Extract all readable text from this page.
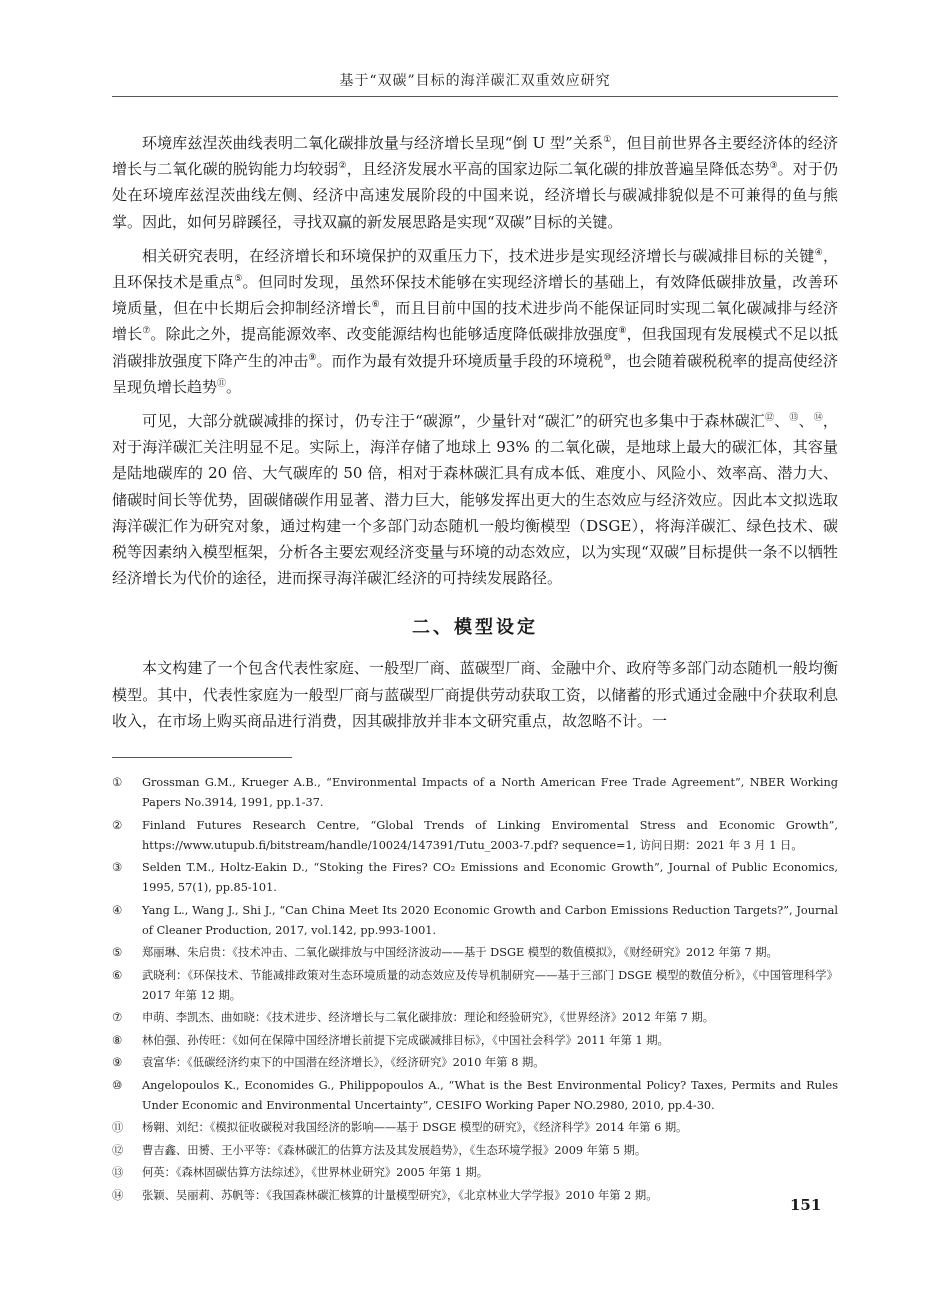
基于“双碳”目标的海洋碳汇双重效应研究

环境库兹涅茨曲线表明二氧化碳排放量与经济增长呈现“倒 U 型”关系①，但目前世界各主要经济体的经济增长与二氧化碳的脱钩能力均较弱②，且经济发展水平高的国家边际二氧化碳的排放普遍呈降低态势③。对于仍处在环境库兹涅茨曲线左侧、经济中高速发展阶段的中国来说，经济增长与碳减排貌似是不可兼得的鱼与熊掌。因此，如何另辟蹊径，寻找双赢的新发展思路是实现“双碳”目标的关键。

相关研究表明，在经济增长和环境保护的双重压力下，技术进步是实现经济增长与碳减排目标的关键④，且环保技术是重点⑤。但同时发现，虽然环保技术能够在实现经济增长的基础上，有效降低碳排放量，改善环境质量，但在中长期后会抑制经济增长⑥，而且目前中国的技术进步尚不能保证同时实现二氧化碳减排与经济增长⑦。除此之外，提高能源效率、改变能源结构也能够适度降低碳排放强度⑧，但我国现有发展模式不足以抵消碳排放强度下降产生的冲击⑨。而作为最有效提升环境质量手段的环境税⑩，也会随着碳税税率的提高使经济呈现负增长趋势⑪。

可见，大部分就碳减排的探讨，仍专注于“碳源”，少量针对“碳汇”的研究也多集中于森林碳汇⑫、⑬、⑭，对于海洋碳汇关注明显不足。实际上，海洋存储了地球上 93% 的二氧化碳，是地球上最大的碳汇体，其容量是陆地碳库的 20 倍、大气碳库的 50 倍，相对于森林碳汇具有成本低、难度小、风险小、效率高、潜力大、储碳时间长等优势，固碳储碳作用显著、潜力巨大，能够发挥出更大的生态效应与经济效应。因此本文拟选取海洋碳汇作为研究对象，通过构建一个多部门动态随机一般均衡模型（DSGE），将海洋碳汇、绿色技术、碳税等因素纳入模型框架，分析各主要宏观经济变量与环境的动态效应，以为实现“双碳”目标提供一条不以牺牲经济增长为代价的途径，进而探寻海洋碳汇经济的可持续发展路径。

二、模型设定

本文构建了一个包含代表性家庭、一般型厂商、蓝碳型厂商、金融中介、政府等多部门动态随机一般均衡模型。其中，代表性家庭为一般型厂商与蓝碳型厂商提供劳动获取工资，以储蓄的形式通过金融中介获取利息收入，在市场上购买商品进行消费，因其碳排放并非本文研究重点，故忽略不计。一

①	Grossman G.M., Krueger A.B., “Environmental Impacts of a North American Free Trade Agreement”, NBER Working Papers No.3914, 1991, pp.1-37.
②	Finland Futures Research Centre, “Global Trends of Linking Enviromental Stress and Economic Growth”, https://www.utupub.fi/bitstream/handle/10024/147391/Tutu_2003-7.pdf? sequence=1, 访问日期：2021 年 3 月 1 日。
③	Selden T.M., Holtz-Eakin D., “Stoking the Fires? CO₂ Emissions and Economic Growth”, Journal of Public Economics, 1995, 57(1), pp.85-101.
④	Yang L., Wang J., Shi J., “Can China Meet Its 2020 Economic Growth and Carbon Emissions Reduction Targets?”, Journal of Cleaner Production, 2017, vol.142, pp.993-1001.
⑤	郑丽琳、朱启贵：《技术冲击、二氧化碳排放与中国经济波动——基于 DSGE 模型的数值模拟》，《财经研究》2012 年第 7 期。
⑥	武晓利：《环保技术、节能减排政策对生态环境质量的动态效应及传导机制研究——基于三部门 DSGE 模型的数值分析》，《中国管理科学》2017 年第 12 期。
⑦	申萌、李凯杰、曲如晓：《技术进步、经济增长与二氧化碳排放：理论和经验研究》，《世界经济》2012 年第 7 期。
⑧	林伯强、孙传旺：《如何在保障中国经济增长前提下完成碳减排目标》，《中国社会科学》2011 年第 1 期。
⑨	袁富华：《低碳经济约束下的中国潜在经济增长》，《经济研究》2010 年第 8 期。
⑩	Angelopoulos K., Economides G., Philippopoulos A., “What is the Best Environmental Policy? Taxes, Permits and Rules Under Economic and Environmental Uncertainty”, CESIFO Working Paper NO.2980, 2010, pp.4-30.
⑪	杨翱、刘纪：《模拟征收碳税对我国经济的影响——基于 DSGE 模型的研究》，《经济科学》2014 年第 6 期。
⑫	曹吉鑫、田赟、王小平等：《森林碳汇的估算方法及其发展趋势》，《生态环境学报》2009 年第 5 期。
⑬	何英：《森林固碳估算方法综述》，《世界林业研究》2005 年第 1 期。
⑭	张颖、吴丽莉、苏帆等：《我国森林碳汇核算的计量模型研究》，《北京林业大学学报》2010 年第 2 期。
151
